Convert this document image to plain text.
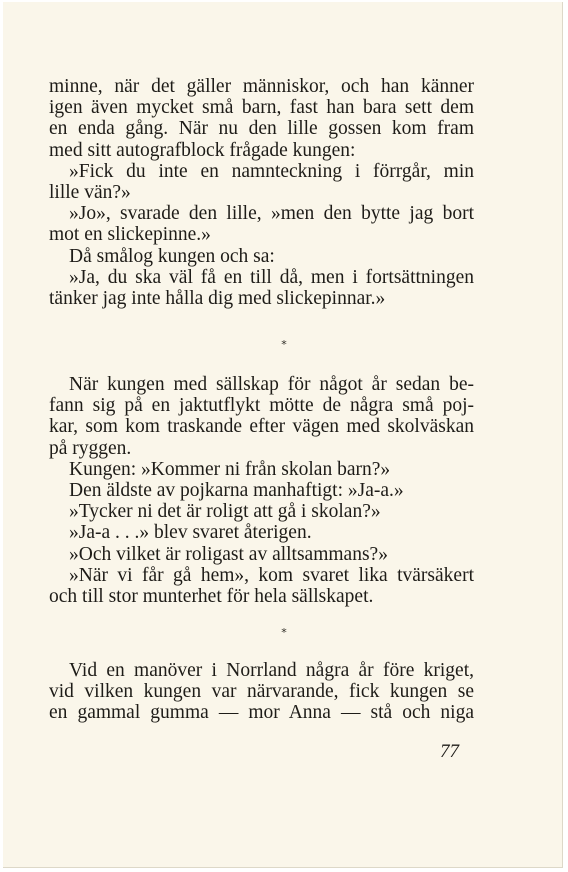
minne, när det gäller människor, och han känner
igen även mycket små barn, fast han bara sett dem
en enda gång. När nu den lille gossen kom fram
med sitt autografblock frågade kungen:
»Fick du inte en namnteckning i förrgår, min
lille vän?»
»Jo», svarade den lille, »men den bytte jag bort
mot en slickepinne.»
Då smålog kungen och sa:
»Ja, du ska väl få en till då, men i fortsättningen
tänker jag inte hålla dig med slickepinnar.»
*
När kungen med sällskap för något år sedan be-
fann sig på en jaktutflykt mötte de några små poj-
kar, som kom traskande efter vägen med skolväskan
på ryggen.
Kungen: »Kommer ni från skolan barn?»
Den äldste av pojkarna manhaftigt: »Ja-a.»
»Tycker ni det är roligt att gå i skolan?»
»Ja-a . . .» blev svaret återigen.
»Och vilket är roligast av alltsammans?»
»När vi får gå hem», kom svaret lika tvärsäkert
och till stor munterhet för hela sällskapet.
*
Vid en manöver i Norrland några år före kriget,
vid vilken kungen var närvarande, fick kungen se
en gammal gumma — mor Anna — stå och niga
77
